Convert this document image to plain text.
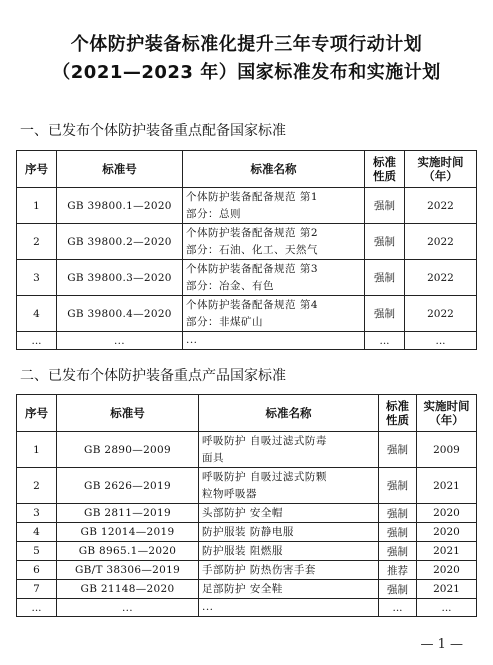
个体防护装备标准化提升三年专项行动计划
（2021—2023 年）国家标准发布和实施计划
一、已发布个体防护装备重点配备国家标准
序号	标准号	标准名称	标准
性质	实施时间
（年）
1	GB 39800.1—2020	个体防护装备配备规范 第1
部分：总则	强制	2022
2	GB 39800.2—2020	个体防护装备配备规范 第2
部分：石油、化工、天然气	强制	2022
3	GB 39800.3—2020	个体防护装备配备规范 第3
部分：冶金、有色	强制	2022
4	GB 39800.4—2020	个体防护装备配备规范 第4
部分：非煤矿山	强制	2022
...	...	...	...	...
二、已发布个体防护装备重点产品国家标准
序号	标准号	标准名称	标准
性质	实施时间
（年）
1	GB 2890—2009	呼吸防护 自吸过滤式防毒
面具	强制	2009
2	GB 2626—2019	呼吸防护 自吸过滤式防颗
粒物呼吸器	强制	2021
3	GB 2811—2019	头部防护 安全帽	强制	2020
4	GB 12014—2019	防护服装 防静电服	强制	2020
5	GB 8965.1—2020	防护服装 阻燃服	强制	2021
6	GB/T 38306—2019	手部防护 防热伤害手套	推荐	2020
7	GB 21148—2020	足部防护 安全鞋	强制	2021
...	...	...	...	...
— 1 —
